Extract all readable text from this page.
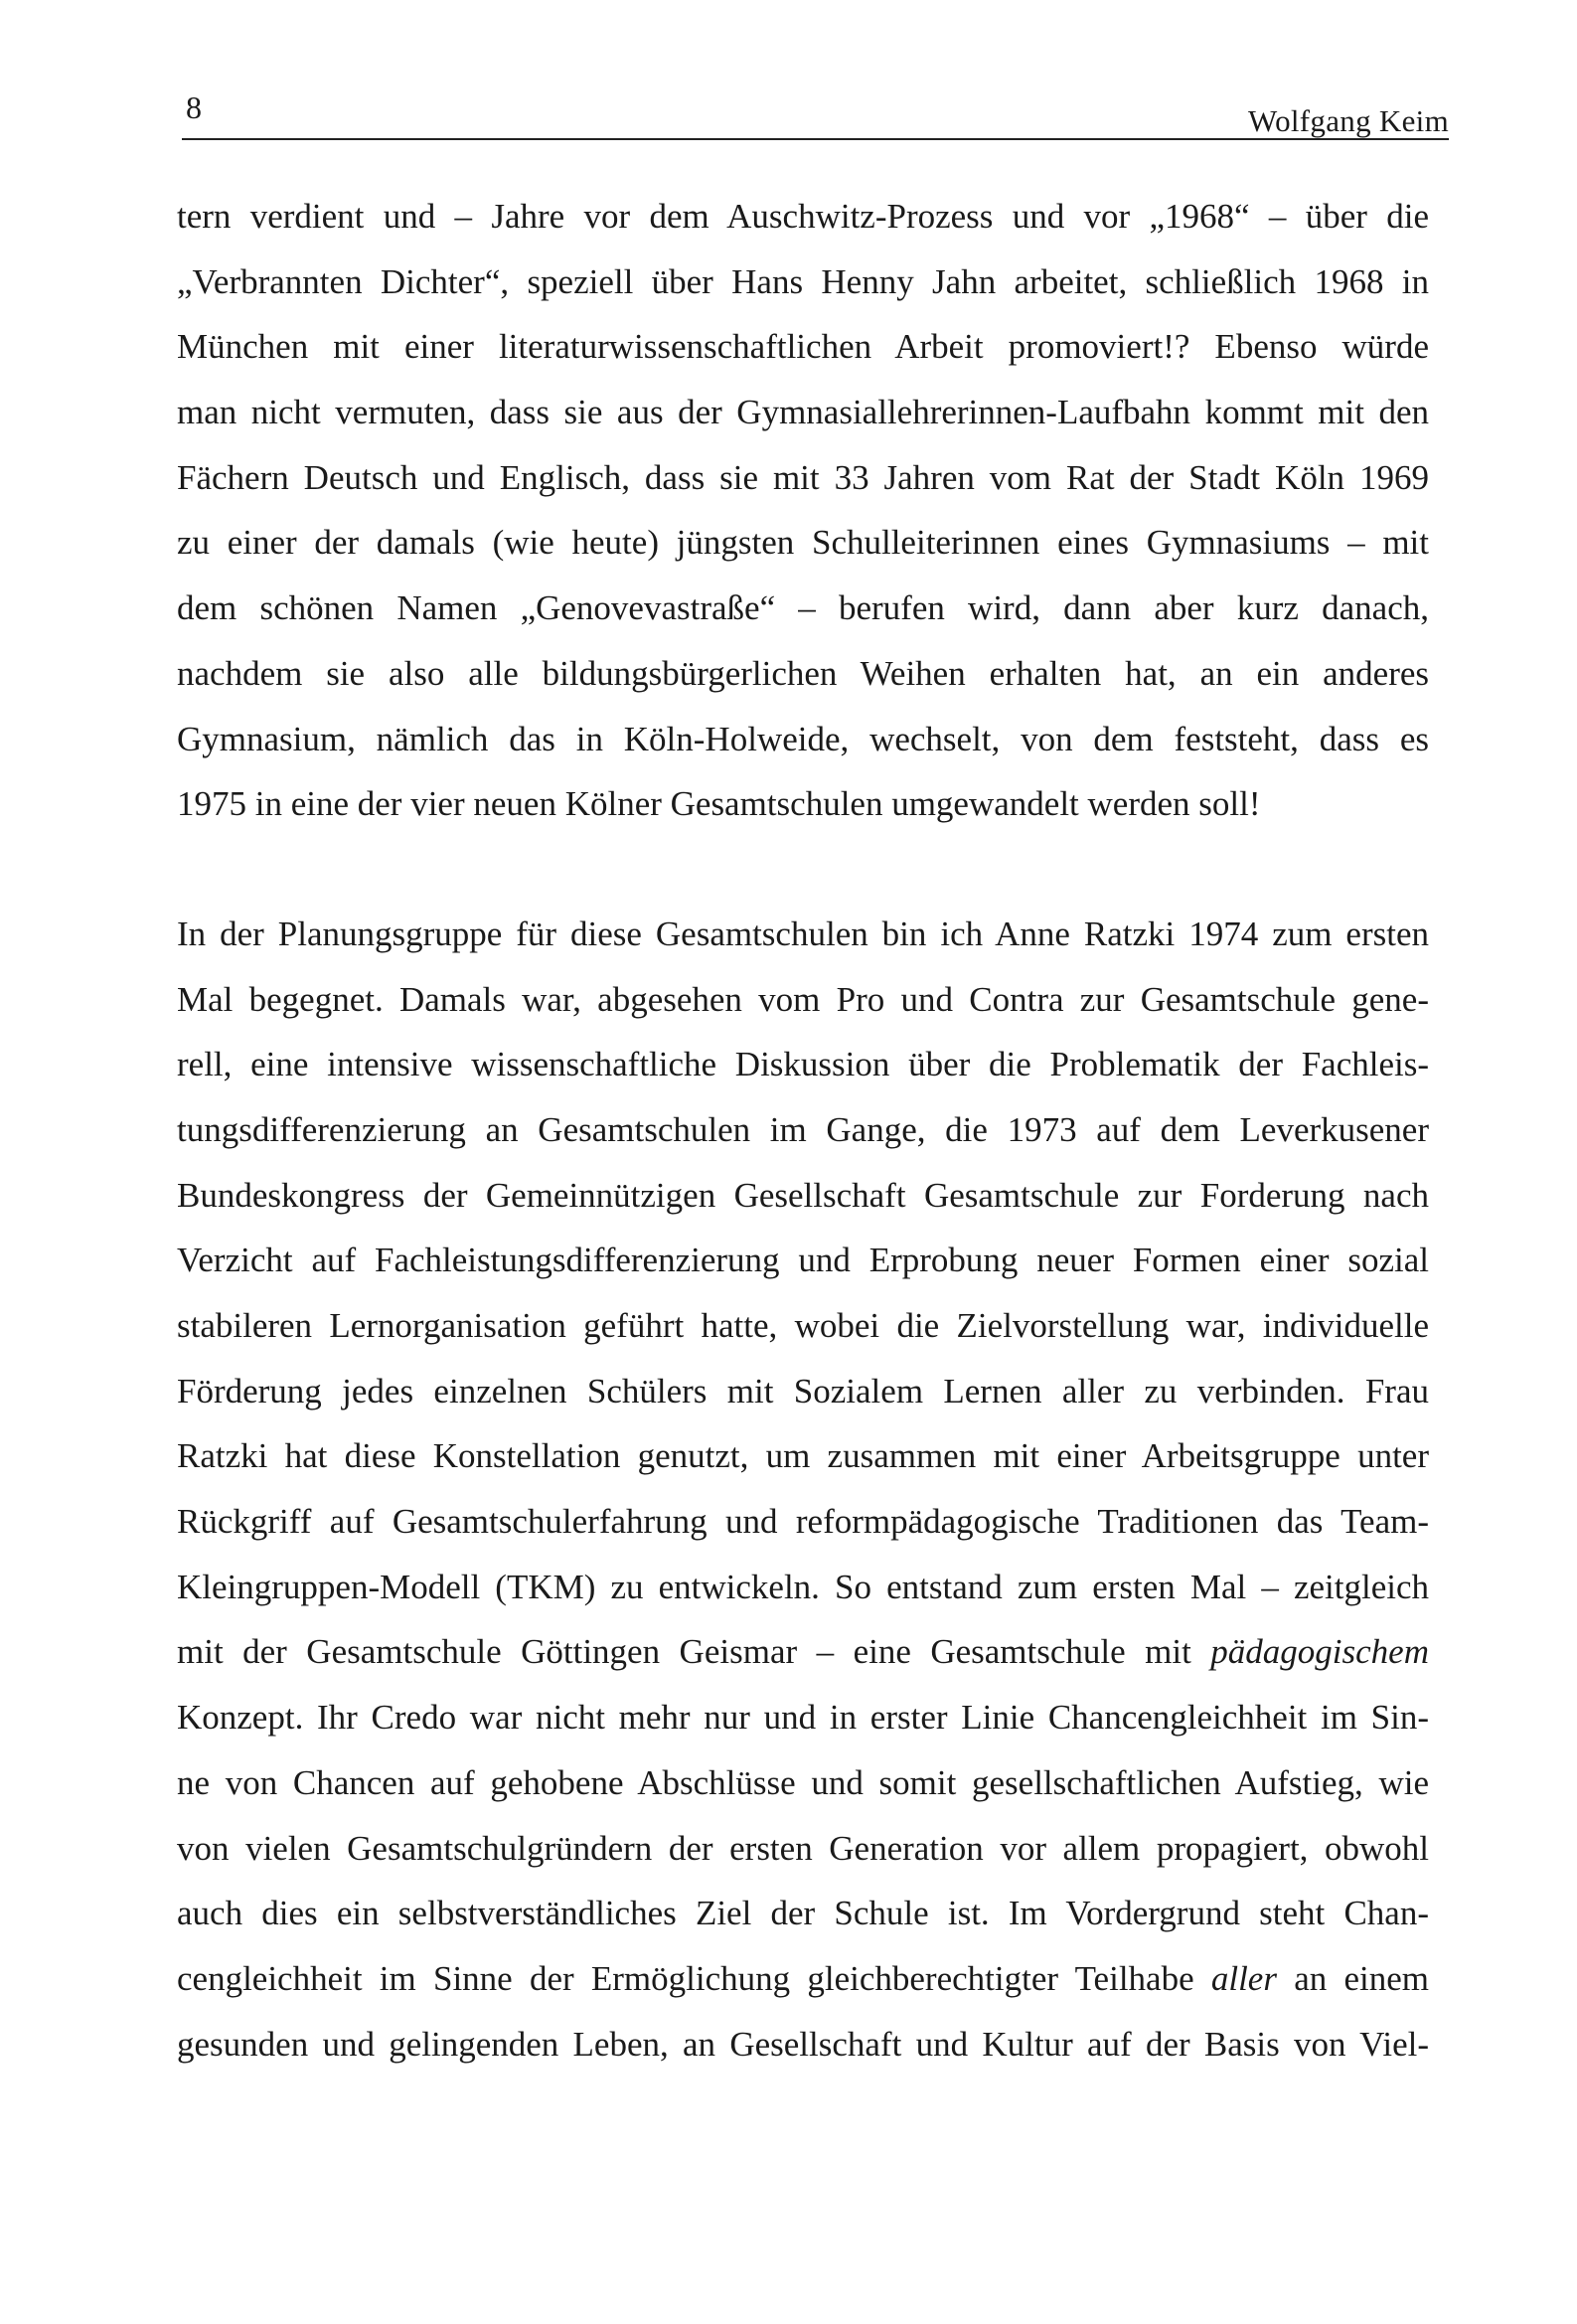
8	Wolfgang Keim
tern verdient und – Jahre vor dem Auschwitz-Prozess und vor „1968“ – über die
„Verbrannten Dichter“, speziell über Hans Henny Jahn arbeitet, schließlich 1968 in
München mit einer literaturwissenschaftlichen Arbeit promoviert!? Ebenso würde
man nicht vermuten, dass sie aus der Gymnasiallehrerinnen-Laufbahn kommt mit den
Fächern Deutsch und Englisch, dass sie mit 33 Jahren vom Rat der Stadt Köln 1969
zu einer der damals (wie heute) jüngsten Schulleiterinnen eines Gymnasiums – mit
dem schönen Namen „Genovevastraße“ – berufen wird, dann aber kurz danach,
nachdem sie also alle bildungsbürgerlichen Weihen erhalten hat, an ein anderes
Gymnasium, nämlich das in Köln-Holweide, wechselt, von dem feststeht, dass es
1975 in eine der vier neuen Kölner Gesamtschulen umgewandelt werden soll!
In der Planungsgruppe für diese Gesamtschulen bin ich Anne Ratzki 1974 zum ersten
Mal begegnet. Damals war, abgesehen vom Pro und Contra zur Gesamtschule gene-
rell, eine intensive wissenschaftliche Diskussion über die Problematik der Fachleis-
tungsdifferenzierung an Gesamtschulen im Gange, die 1973 auf dem Leverkusener
Bundeskongress der Gemeinnützigen Gesellschaft Gesamtschule zur Forderung nach
Verzicht auf Fachleistungsdifferenzierung und Erprobung neuer Formen einer sozial
stabileren Lernorganisation geführt hatte, wobei die Zielvorstellung war, individuelle
Förderung jedes einzelnen Schülers mit Sozialem Lernen aller zu verbinden. Frau
Ratzki hat diese Konstellation genutzt, um zusammen mit einer Arbeitsgruppe unter
Rückgriff auf Gesamtschulerfahrung und reformpädagogische Traditionen das Team-
Kleingruppen-Modell (TKM) zu entwickeln. So entstand zum ersten Mal – zeitgleich
mit der Gesamtschule Göttingen Geismar – eine Gesamtschule mit pädagogischem
Konzept. Ihr Credo war nicht mehr nur und in erster Linie Chancengleichheit im Sin-
ne von Chancen auf gehobene Abschlüsse und somit gesellschaftlichen Aufstieg, wie
von vielen Gesamtschulgründern der ersten Generation vor allem propagiert, obwohl
auch dies ein selbstverständliches Ziel der Schule ist. Im Vordergrund steht Chan-
cengleichheit im Sinne der Ermöglichung gleichberechtigter Teilhabe aller an einem
gesunden und gelingenden Leben, an Gesellschaft und Kultur auf der Basis von Viel-
